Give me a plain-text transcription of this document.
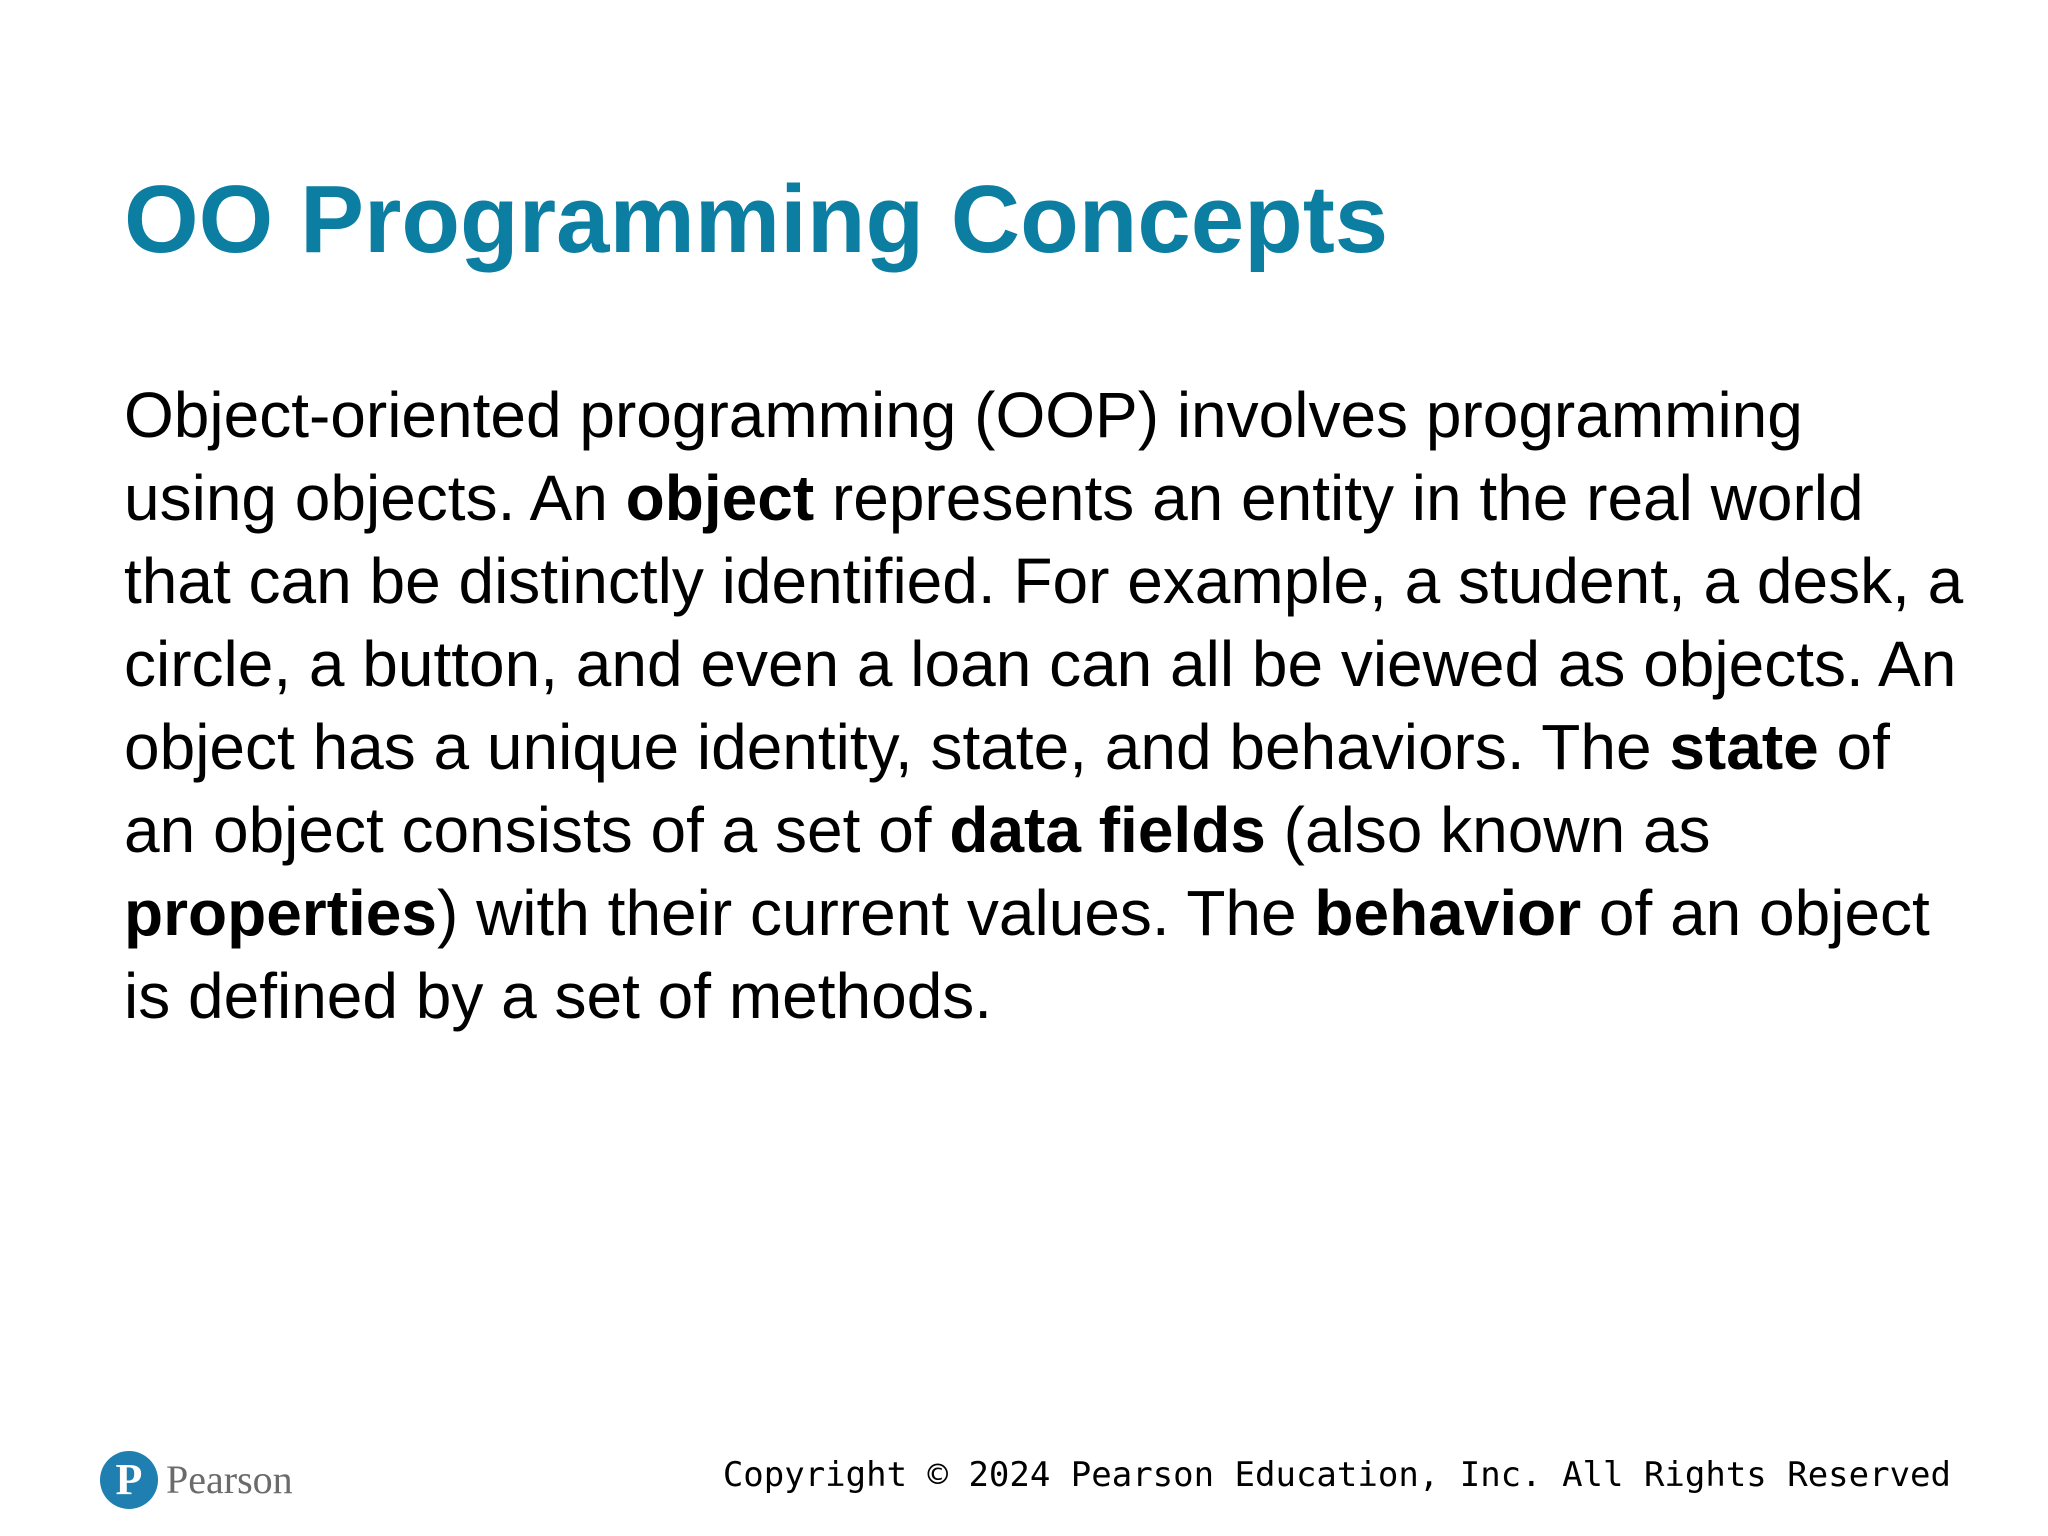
OO Programming Concepts

Object-oriented programming (OOP) involves programming using objects. An object represents an entity in the real world that can be distinctly identified. For example, a student, a desk, a circle, a button, and even a loan can all be viewed as objects. An object has a unique identity, state, and behaviors. The state of an object consists of a set of data fields (also known as properties) with their current values. The behavior of an object is defined by a set of methods.

P Pearson	Copyright © 2024 Pearson Education, Inc. All Rights Reserved
